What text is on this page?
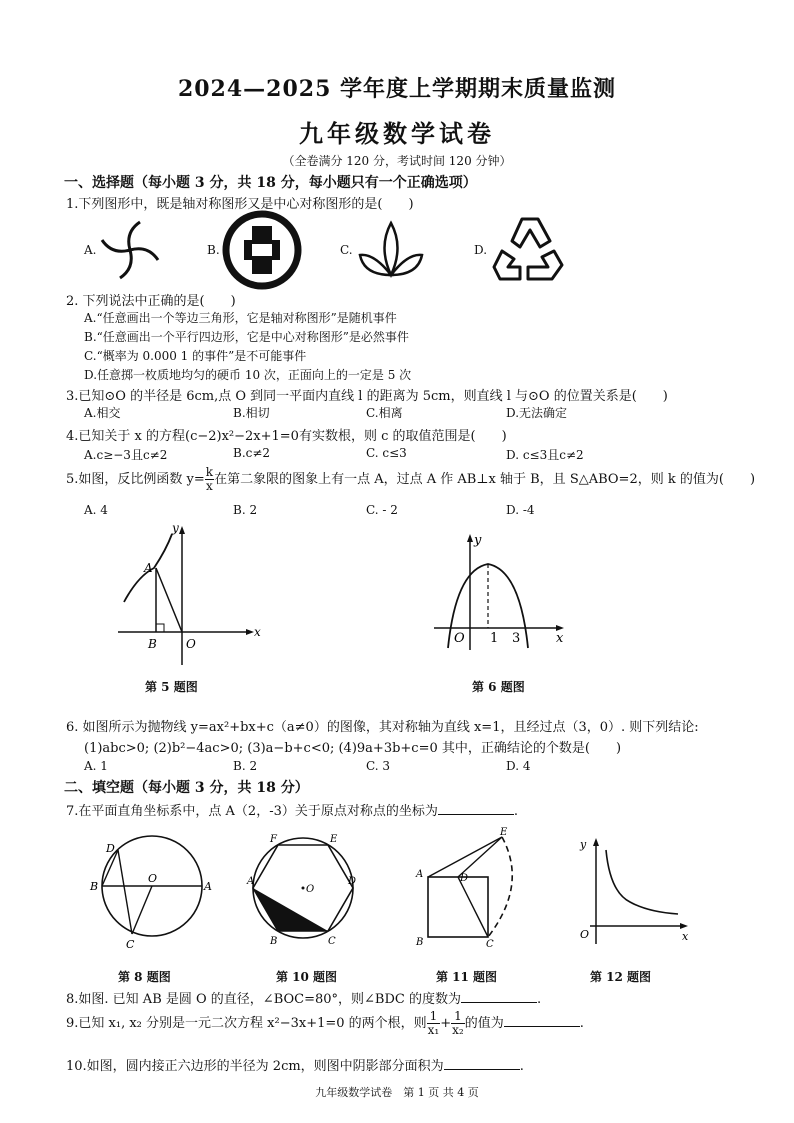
2024—2025 学年度上学期期末质量监测
九年级数学试卷
（全卷满分 120 分，考试时间 120 分钟）
一、选择题（每小题 3 分，共 18 分，每小题只有一个正确选项）
1.下列图形中，既是轴对称图形又是中心对称图形的是(　　)
A.	B.	C.	D.
2. 下列说法中正确的是(　　)
A.“任意画出一个等边三角形，它是轴对称图形”是随机事件
B.“任意画出一个平行四边形，它是中心对称图形”是必然事件
C.“概率为 0.000 1 的事件”是不可能事件
D.任意掷一枚质地均匀的硬币 10 次，正面向上的一定是 5 次
3.已知⊙O 的半径是 6cm,点 O 到同一平面内直线 l 的距离为 5cm，则直线 l 与⊙O 的位置关系是(　　)
A.相交	B.相切	C.相离	D.无法确定
4.已知关于 x 的方程(c−2)x²−2x+1=0有实数根，则 c 的取值范围是(　　)
A.c≥−3且c≠2	B.c≠2	C. c≤3	D. c≤3且c≠2
5.如图，反比例函数 $y= \frac{k}{x}$ 在第二象限的图象上有一点 A，过点 A 作 AB⊥x 轴于 B，且 S△ABO=2，则 k 的值为(　　)
A. 4	B. 2	C. - 2	D. -4
y
x
A
B O
第 5 题图
y
x
O 1 3
第 6 题图
6. 如图所示为抛物线 y=ax²+bx+c（a≠0）的图像，其对称轴为直线 x=1，且经过点（3，0）. 则下列结论:
(1)abc>0; (2)b²−4ac>0; (3)a−b+c<0; (4)9a+3b+c=0 其中，正确结论的个数是(　　)
A. 1	B. 2	C. 3	D. 4
二、填空题（每小题 3 分，共 18 分）
7.在平面直角坐标系中，点 A（2，-3）关于原点对称点的坐标为	.
D
B
O
A
C
第 8 题图
F	E
A
O
D
B	C
第 10 题图
E
A	D
B	C
第 11 题图
y
O	x
第 12 题图
8.如图. 已知 AB 是圆 O 的直径，∠BOC=80°，则∠BDC 的度数为	.
9.已知 x₁, x₂ 分别是一元二次方程 x²−3x+1=0 的两个根，则 $\frac{1}{\text{x₁}} + \frac{1}{\text{x₂}}$ 的值为	.
10.如图，圆内接正六边形的半径为 2cm，则图中阴影部分面积为	.
九年级数学试卷　第 1 页 共 4 页
